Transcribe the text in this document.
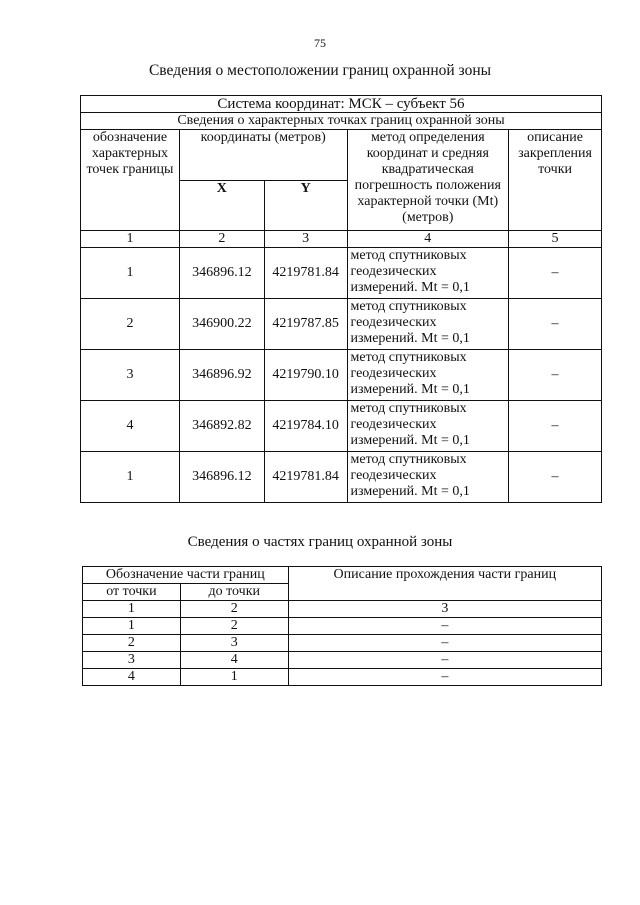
75
Сведения о местоположении границ охранной зоны
Система координат: МСК – субъект 56				
Сведения о характерных точках границ охранной зоны				
обозначение характерных точек границы	координаты (метров)		метод определения координат и средняя квадратическая погрешность положения характерной точки (Mt) (метров)	описание закрепления точки
	X	Y		
1	2	3	4	5
1	346896.12	4219781.84	метод спутниковых геодезических измерений. Mt = 0,1	–
2	346900.22	4219787.85	метод спутниковых геодезических измерений. Mt = 0,1	–
3	346896.92	4219790.10	метод спутниковых геодезических измерений. Mt = 0,1	–
4	346892.82	4219784.10	метод спутниковых геодезических измерений. Mt = 0,1	–
1	346896.12	4219781.84	метод спутниковых геодезических измерений. Mt = 0,1	–
Сведения о частях границ охранной зоны
Обозначение части границ		Описание прохождения части границ
от точки	до точки	
1	2	3
1	2	–
2	3	–
3	4	–
4	1	–
